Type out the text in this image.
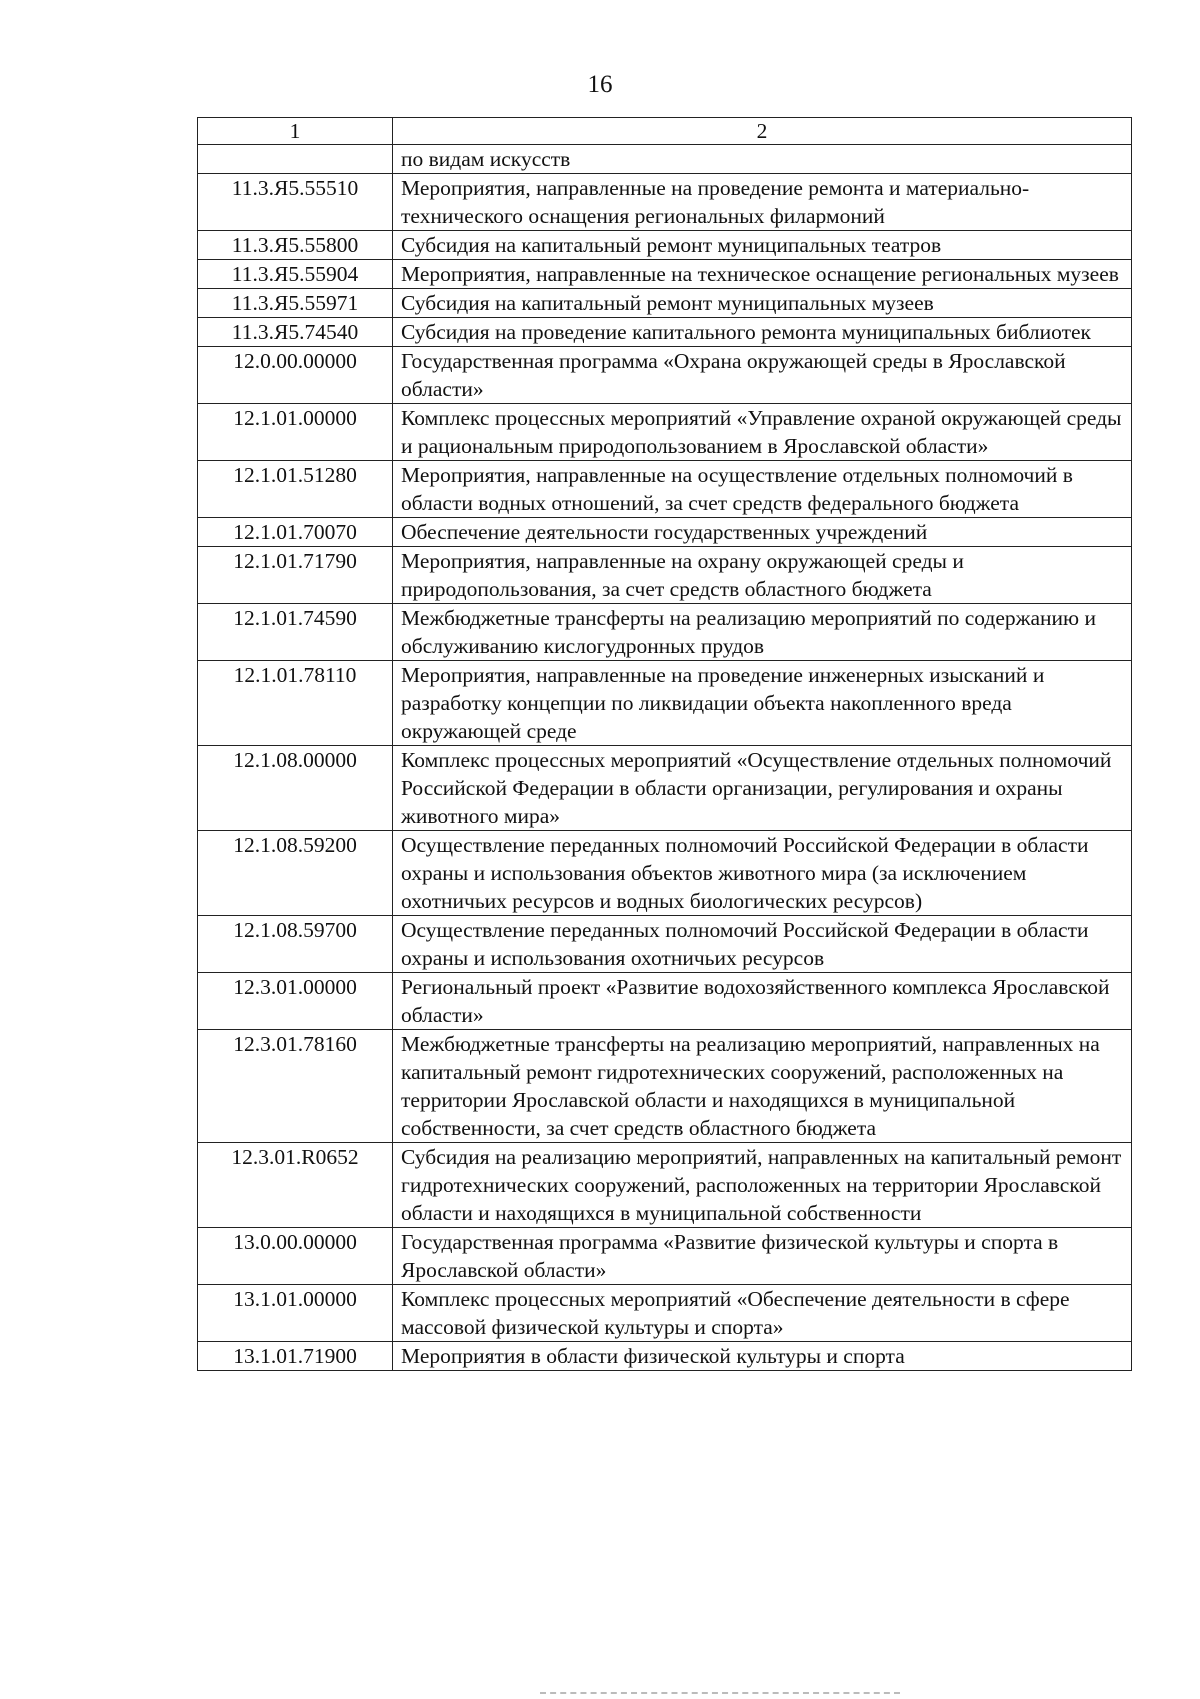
16
1	2
	по видам искусств
11.3.Я5.55510	Мероприятия, направленные на проведение ремонта и материально-технического оснащения региональных филармоний
11.3.Я5.55800	Субсидия на капитальный ремонт муниципальных театров
11.3.Я5.55904	Мероприятия, направленные на техническое оснащение региональных музеев
11.3.Я5.55971	Субсидия на капитальный ремонт муниципальных музеев
11.3.Я5.74540	Субсидия на проведение капитального ремонта муниципальных библиотек
12.0.00.00000	Государственная программа «Охрана окружающей среды в Ярославской области»
12.1.01.00000	Комплекс процессных мероприятий «Управление охраной окружающей среды и рациональным природопользованием в Ярославской области»
12.1.01.51280	Мероприятия, направленные на осуществление отдельных полномочий в области водных отношений, за счет средств федерального бюджета
12.1.01.70070	Обеспечение деятельности государственных учреждений
12.1.01.71790	Мероприятия, направленные на охрану окружающей среды и природопользования, за счет средств областного бюджета
12.1.01.74590	Межбюджетные трансферты на реализацию мероприятий по содержанию и обслуживанию кислогудронных прудов
12.1.01.78110	Мероприятия, направленные на проведение инженерных изысканий и разработку концепции по ликвидации объекта накопленного вреда окружающей среде
12.1.08.00000	Комплекс процессных мероприятий «Осуществление отдельных полномочий Российской Федерации в области организации, регулирования и охраны животного мира»
12.1.08.59200	Осуществление переданных полномочий Российской Федерации в области охраны и использования объектов животного мира (за исключением охотничьих ресурсов и водных биологических ресурсов)
12.1.08.59700	Осуществление переданных полномочий Российской Федерации в области охраны и использования охотничьих ресурсов
12.3.01.00000	Региональный проект «Развитие водохозяйственного комплекса Ярославской области»
12.3.01.78160	Межбюджетные трансферты на реализацию мероприятий, направленных на капитальный ремонт гидротехнических сооружений, расположенных на территории Ярославской области и находящихся в муниципальной собственности, за счет средств областного бюджета
12.3.01.R0652	Субсидия на реализацию мероприятий, направленных на капитальный ремонт гидротехнических сооружений, расположенных на территории Ярославской области и находящихся в муниципальной собственности
13.0.00.00000	Государственная программа «Развитие физической культуры и спорта в Ярославской области»
13.1.01.00000	Комплекс процессных мероприятий «Обеспечение деятельности в сфере массовой физической культуры и спорта»
13.1.01.71900	Мероприятия в области физической культуры и спорта
